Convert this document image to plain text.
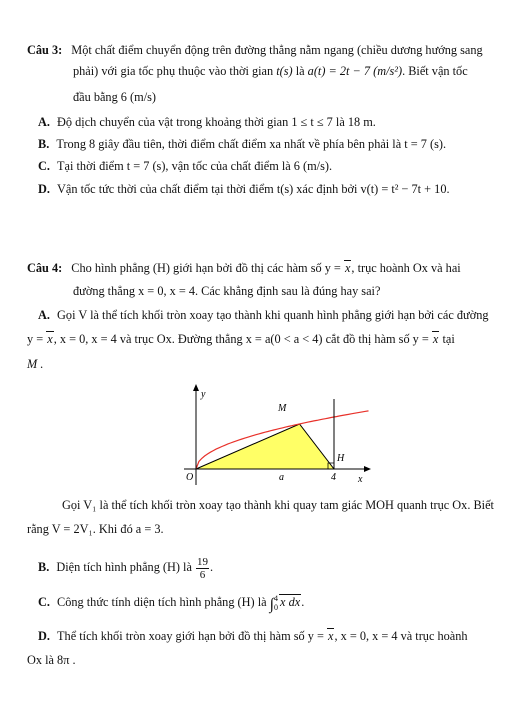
Câu 3: Một chất điểm chuyển động trên đường thẳng nằm ngang (chiều dương hướng sang
phải) với gia tốc phụ thuộc vào thời gian t(s) là a(t) = 2t − 7 (m/s²). Biết vận tốc
đầu bằng 6 (m/s)
A. Độ dịch chuyển của vật trong khoảng thời gian 1 ≤ t ≤ 7 là 18 m.
B. Trong 8 giây đầu tiên, thời điểm chất điểm xa nhất về phía bên phải là t = 7 (s).
C. Tại thời điểm t = 7 (s), vận tốc của chất điểm là 6 (m/s).
D. Vận tốc tức thời của chất điểm tại thời điểm t(s) xác định bởi v(t) = t² − 7t + 10.
Câu 4: Cho hình phẳng (H) giới hạn bởi đồ thị các hàm số y = x, trục hoành Ox và hai
đường thẳng x = 0, x = 4. Các khẳng định sau là đúng hay sai?
A. Gọi V là thể tích khối tròn xoay tạo thành khi quanh hình phẳng giới hạn bởi các đường
y = x, x = 0, x = 4 và trục Ox. Đường thẳng x = a(0 < a < 4) cắt đồ thị hàm số y = x tại
M .
y
x
O	a	4
M
H
Gọi V₁ là thể tích khối tròn xoay tạo thành khi quay tam giác MOH quanh trục Ox. Biết
rằng V = 2V₁. Khi đó a = 3.
B. Diện tích hình phẳng (H) là $\frac{19}{6}$ .
C. Công thức tính diện tích hình phẳng (H) là ∫ 4
0 x dx.
D. Thể tích khối tròn xoay giới hạn bởi đồ thị hàm số y = x, x = 0, x = 4 và trục hoành
Ox là 8π .
